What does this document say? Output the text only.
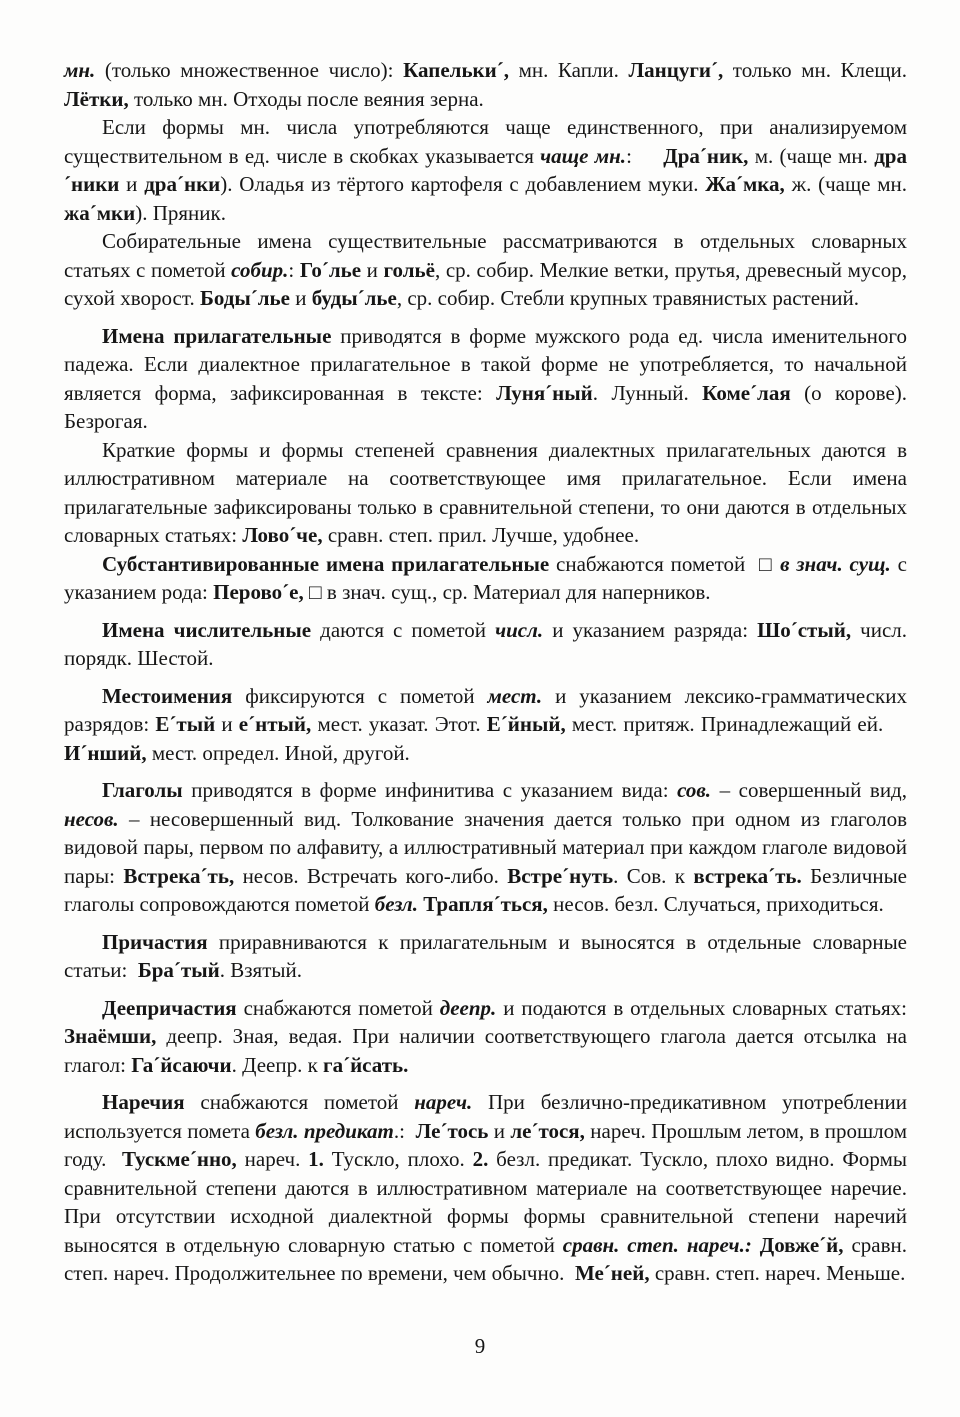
мн. (только множественное число): Капельки´, мн. Капли. Ланцуги´, только мн. Клещи. Лётки, только мн. Отходы после веяния зерна.

Если формы мн. числа употребляются чаще единственного, при анализируемом существительном в ед. числе в скобках указывается чаще мн.:     Дра´ник, м. (чаще мн. дра´ники и дра´нки). Оладья из тёртого картофеля с добавлением муки. Жа´мка, ж. (чаще мн. жа´мки). Пряник.

Собирательные имена существительные рассматриваются в отдельных словарных статьях с пометой собир.: Го´лье и гольё, ср. собир. Мелкие ветки, прутья, древесный мусор, сухой хворост. Боды´лье и буды´лье, ср. собир. Стебли крупных травянистых растений.

Имена прилагательные приводятся в форме мужского рода ед. числа именительного падежа. Если диалектное прилагательное в такой форме не употребляется, то начальной является форма, зафиксированная в тексте: Луня´ный. Лунный. Коме´лая (о корове). Безрогая.

Краткие формы и формы степеней сравнения диалектных прилагательных даются в иллюстративном материале на соответствующее имя прилагательное. Если имена прилагательные зафиксированы только в сравнительной степени, то они даются в отдельных словарных статьях: Лово´че, сравн. степ. прил. Лучше, удобнее.

Субстантивированные имена прилагательные снабжаются пометой  □ в знач. сущ. с указанием рода: Перово´е, □ в знач. сущ., ср. Материал для наперников.

Имена числительные даются с пометой числ. и указанием разряда: Шо´стый, числ. порядк. Шестой.

Местоимения фиксируются с пометой мест. и указанием лексико-грамматических разрядов: Е´тый и е´нтый, мест. указат. Этот. Е´йный, мест. притяж. Принадлежащий ей.     И´нший, мест. определ. Иной, другой.

Глаголы приводятся в форме инфинитива с указанием вида: сов. – совершенный вид, несов. – несовершенный вид. Толкование значения дается только при одном из глаголов видовой пары, первом по алфавиту, а иллюстративный материал при каждом глаголе видовой пары: Встрека´ть, несов. Встречать кого-либо. Встре´нуть. Сов. к встрека´ть. Безличные глаголы сопровождаются пометой безл. Трапля´ться, несов. безл. Случаться, приходиться.

Причастия приравниваются к прилагательным и выносятся в отдельные словарные статьи:  Бра´тый. Взятый.

Деепричастия снабжаются пометой деепр. и подаются в отдельных словарных статьях: Знаёмши, деепр. Зная, ведая. При наличии соответствующего глагола дается отсылка на глагол: Га´йсаючи. Деепр. к га´йсать.

Наречия снабжаются пометой нареч. При безлично-предикативном употреблении используется помета безл. предикат.:  Ле´тось и ле´тося, нареч. Прошлым летом, в прошлом году.  Тускме´нно, нареч. 1. Тускло, плохо. 2. безл. предикат. Тускло, плохо видно. Формы сравнительной степени даются в иллюстративном материале на соответствующее наречие. При отсутствии исходной диалектной формы формы сравнительной степени наречий выносятся в отдельную словарную статью с пометой сравн. степ. нареч.: Довже´й, сравн. степ. нареч. Продолжительнее по времени, чем обычно.  Ме´ней, сравн. степ. нареч. Меньше.

9
